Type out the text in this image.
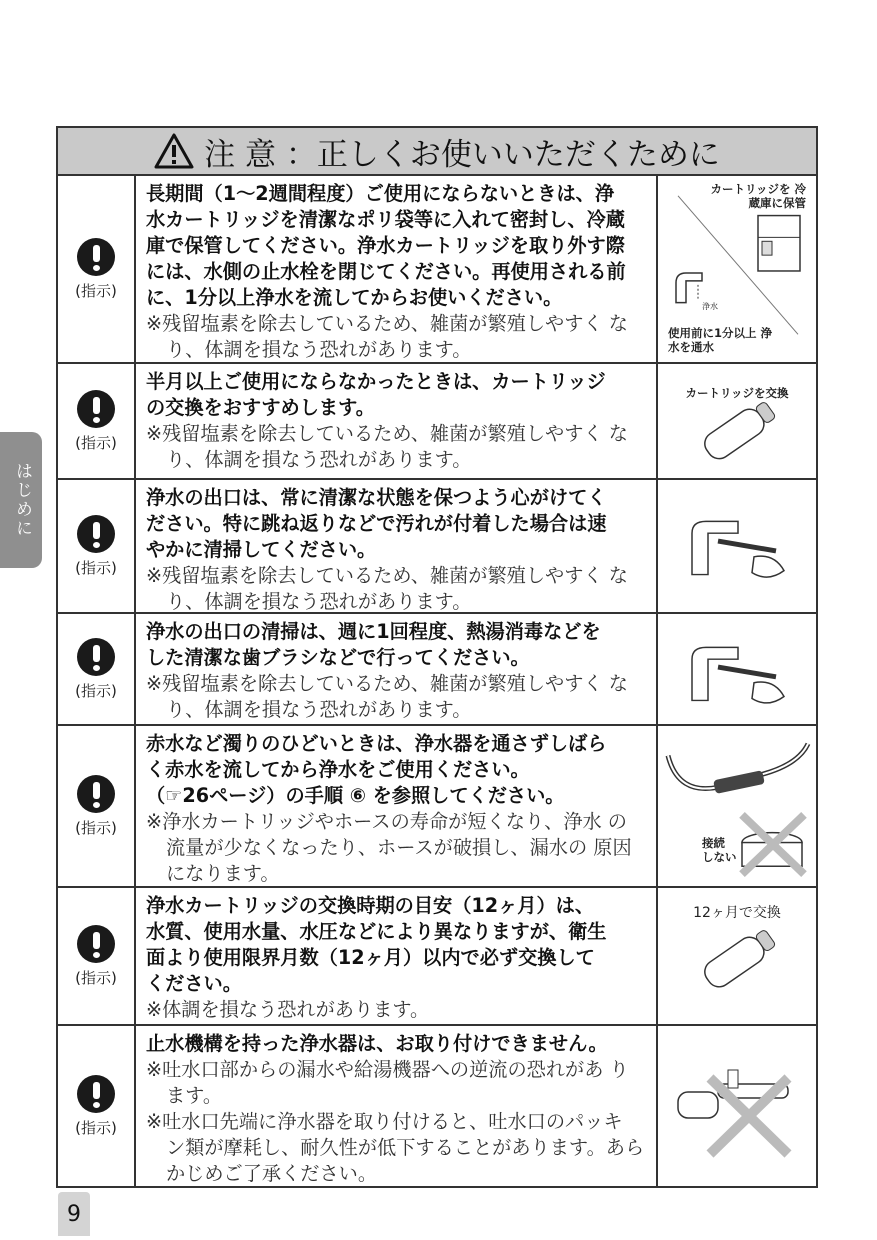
はじめに
注 意 ：正しくお使いいただくために
(指示)
長期間（1～2週間程度）ご使用にならないときは、浄
水カートリッジを清潔なポリ袋等に入れて密封し、冷蔵
庫で保管してください。浄水カートリッジを取り外す際
には、水側の止水栓を閉じてください。再使用される前
に、1分以上浄水を流してからお使いください。
※残留塩素を除去しているため、雑菌が繁殖しやすく なり、体調を損なう恐れがあります。
カートリッジを 冷蔵庫に保管
浄水
使用前に1分以上 浄水を通水
(指示)
半月以上ご使用にならなかったときは、カートリッジ
の交換をおすすめします。
※残留塩素を除去しているため、雑菌が繁殖しやすく なり、体調を損なう恐れがあります。
カートリッジを交換
(指示)
浄水の出口は、常に清潔な状態を保つよう心がけてく
ださい。特に跳ね返りなどで汚れが付着した場合は速
やかに清掃してください。
※残留塩素を除去しているため、雑菌が繁殖しやすく なり、体調を損なう恐れがあります。
(指示)
浄水の出口の清掃は、週に1回程度、熱湯消毒などを
した清潔な歯ブラシなどで行ってください。
※残留塩素を除去しているため、雑菌が繁殖しやすく なり、体調を損なう恐れがあります。
(指示)
赤水など濁りのひどいときは、浄水器を通さずしばら
く赤水を流してから浄水をご使用ください。
（☞26ページ）の手順 ⑥ を参照してください。
※浄水カートリッジやホースの寿命が短くなり、浄水 の流量が少なくなったり、ホースが破損し、漏水の 原因になります。
接続 しない
(指示)
浄水カートリッジの交換時期の目安（12ヶ月）は、
水質、使用水量、水圧などにより異なりますが、衛生
面より使用限界月数（12ヶ月）以内で必ず交換して
ください。
※体調を損なう恐れがあります。
12ヶ月で交換
(指示)
止水機構を持った浄水器は、お取り付けできません。
※吐水口部からの漏水や給湯機器への逆流の恐れがあ ります。
※吐水口先端に浄水器を取り付けると、吐水口のパッキ ン類が摩耗し、耐久性が低下することがあります。あら かじめご了承ください。
9
